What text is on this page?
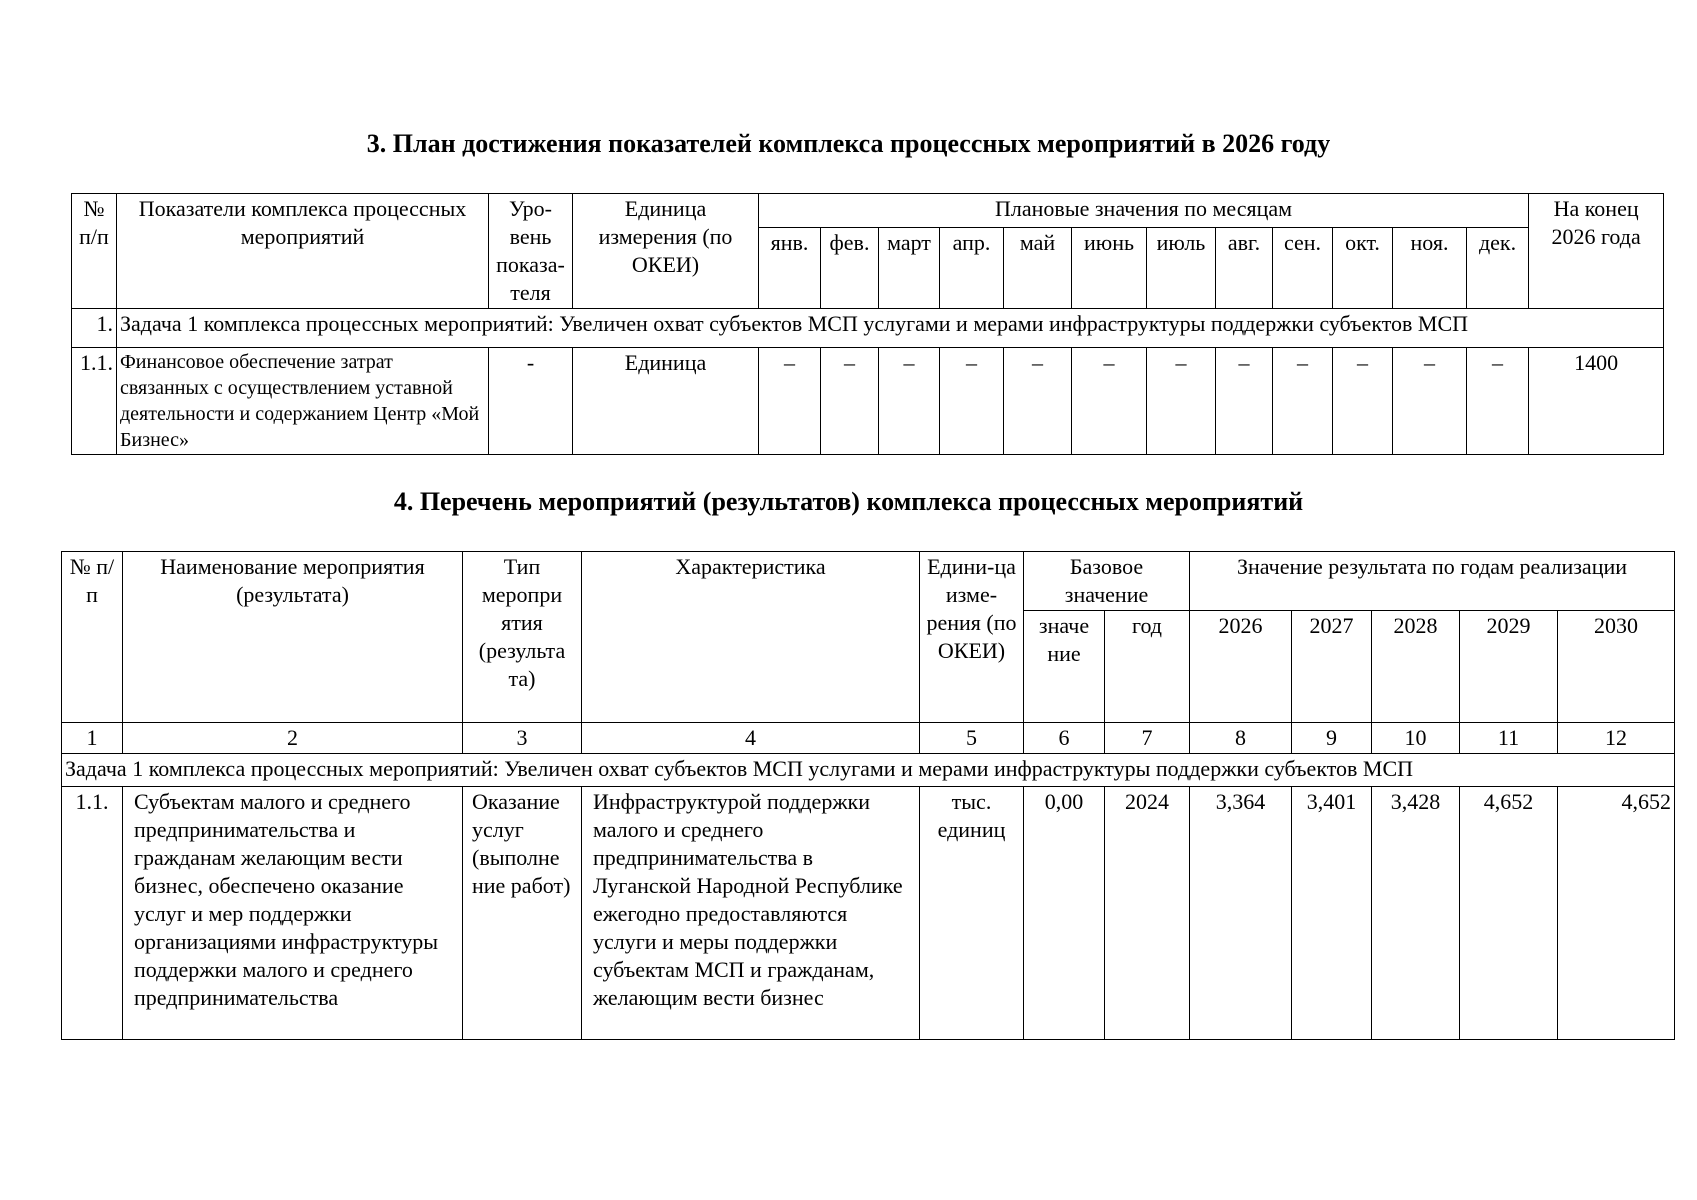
3. План достижения показателей комплекса процессных мероприятий в 2026 году
№ п/п	Показатели комплекса процессных мероприятий	Уро-вень показа-теля	Единица измерения (по ОКЕИ)	Плановые значения по месяцам												На конец 2026 года
				янв.	фев.	март	апр.	май	июнь	июль	авг.	сен.	окт.	ноя.	дек.	
1.	Задача 1 комплекса процессных мероприятий: Увеличен охват субъектов МСП услугами и мерами инфраструктуры поддержки субъектов МСП															
1.1.	Финансовое обеспечение затрат связанных с осуществлением уставной деятельности и содержанием Центр «Мой Бизнес»	-	Единица	–	–	–	–	–	–	–	–	–	–	–	–	1400
4. Перечень мероприятий (результатов) комплекса процессных мероприятий
№ п/п	Наименование мероприятия (результата)	Тип меропри ятия (результа та)	Характеристика	Едини-ца изме-рения (по ОКЕИ)	Базовое значение		Значение результата по годам реализации				
					значе ние	год	2026	2027	2028	2029	2030

1	2	3	4	5	6	7	8	9	10	11	12
Задача 1 комплекса процессных мероприятий: Увеличен охват субъектов МСП услугами и мерами инфраструктуры поддержки субъектов МСП											
1.1.	Субъектам малого и среднего предпринимательства и гражданам желающим вести бизнес, обеспечено оказание услуг и мер поддержки организациями инфраструктуры поддержки малого и среднего предпринимательства	Оказание услуг (выполне ние работ)	Инфраструктурой поддержки малого и среднего предпринимательства в Луганской Народной Республике ежегодно предоставляются услуги и меры поддержки субъектам МСП и гражданам, желающим вести бизнес	тыс. единиц	0,00	2024	3,364	3,401	3,428	4,652	4,652
